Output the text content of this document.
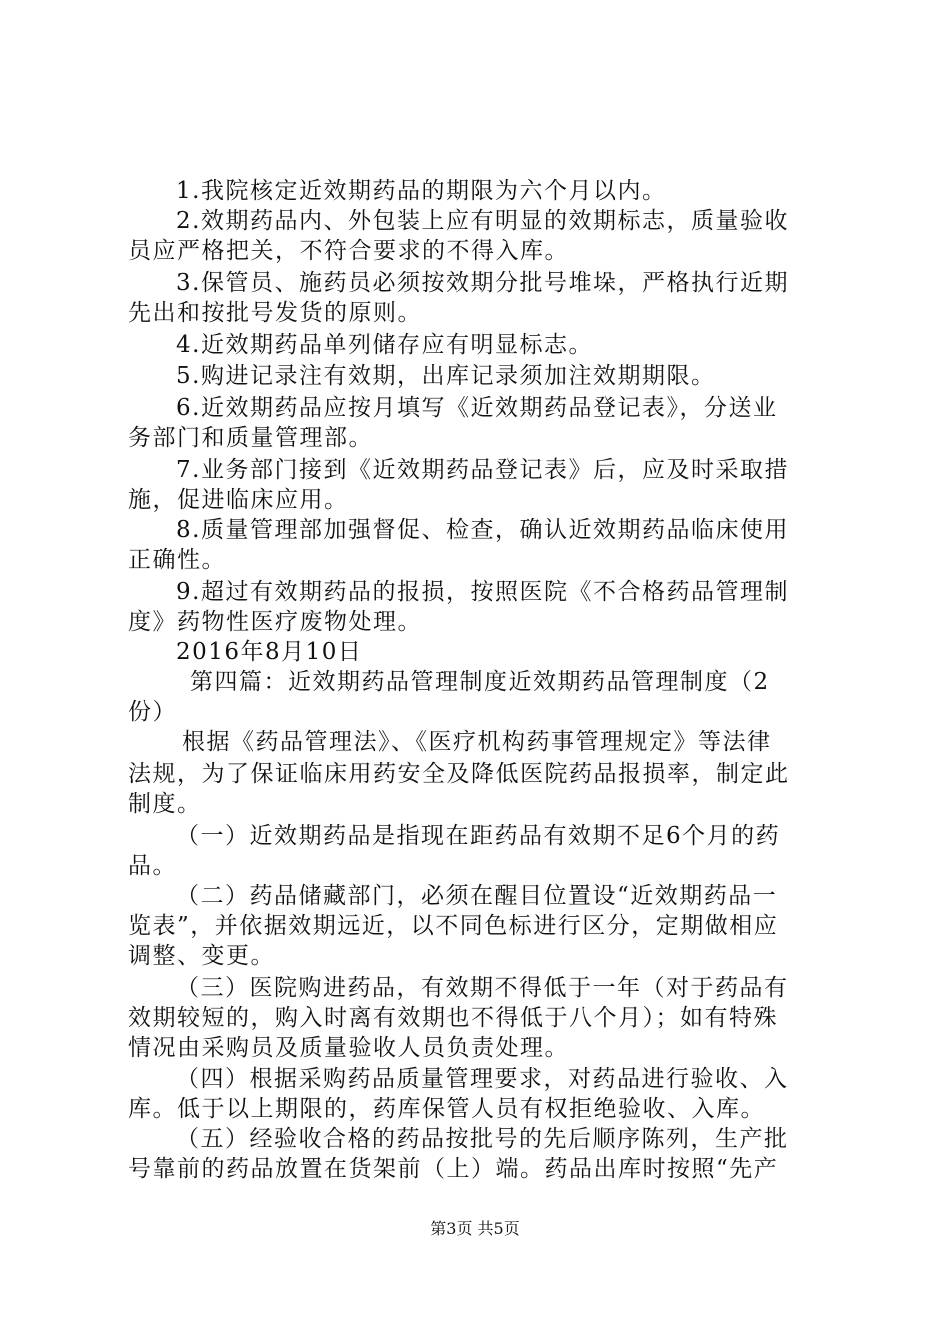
1.我院核定近效期药品的期限为六个月以内。
2.效期药品内、外包装上应有明显的效期标志，质量验收
员应严格把关，不符合要求的不得入库。
3.保管员、施药员必须按效期分批号堆垛，严格执行近期
先出和按批号发货的原则。
4.近效期药品单列储存应有明显标志。
5.购进记录注有效期，出库记录须加注效期期限。
6.近效期药品应按月填写《近效期药品登记表》，分送业
务部门和质量管理部。
7.业务部门接到《近效期药品登记表》后，应及时采取措
施，促进临床应用。
8.质量管理部加强督促、检查，确认近效期药品临床使用
正确性。
9.超过有效期药品的报损，按照医院《不合格药品管理制
度》药物性医疗废物处理。
2016年8月10日
第四篇：近效期药品管理制度近效期药品管理制度（2
份）
根据《药品管理法》、《医疗机构药事管理规定》等法律
法规，为了保证临床用药安全及降低医院药品报损率，制定此
制度。
（一）近效期药品是指现在距药品有效期不足6个月的药
品。
（二）药品储藏部门，必须在醒目位置设“近效期药品一
览表”，并依据效期远近，以不同色标进行区分，定期做相应
调整、变更。
（三）医院购进药品，有效期不得低于一年（对于药品有
效期较短的，购入时离有效期也不得低于八个月）；如有特殊
情况由采购员及质量验收人员负责处理。
（四）根据采购药品质量管理要求，对药品进行验收、入
库。低于以上期限的，药库保管人员有权拒绝验收、入库。
（五）经验收合格的药品按批号的先后顺序陈列，生产批
号靠前的药品放置在货架前（上）端。药品出库时按照“先产
第3页 共5页
